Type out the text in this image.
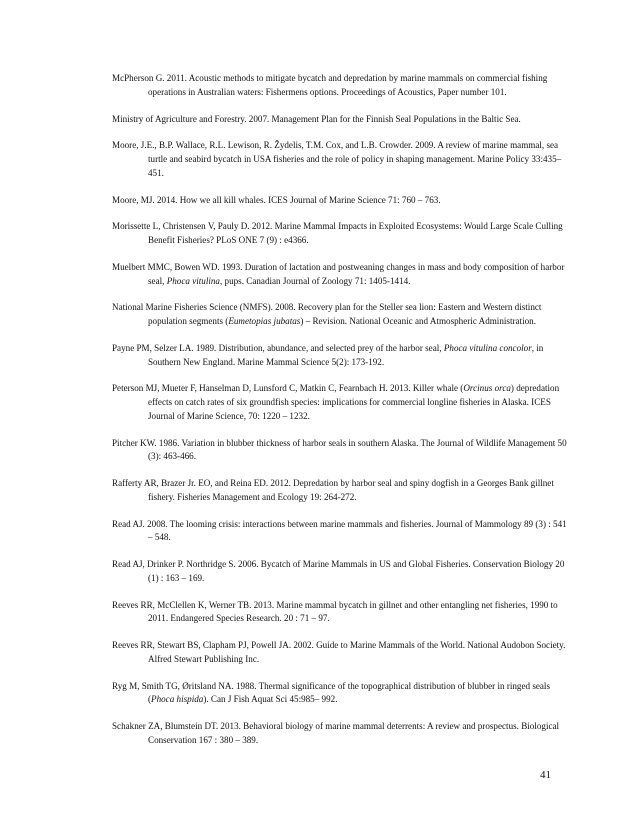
McPherson G. 2011. Acoustic methods to mitigate bycatch and depredation by marine mammals on commercial fishing operations in Australian waters: Fishermens options. Proceedings of Acoustics, Paper number 101.

Ministry of Agriculture and Forestry. 2007. Management Plan for the Finnish Seal Populations in the Baltic Sea.

Moore, J.E., B.P. Wallace, R.L. Lewison, R. Žydelis, T.M. Cox, and L.B. Crowder. 2009. A review of marine mammal, sea turtle and seabird bycatch in USA fisheries and the role of policy in shaping management. Marine Policy 33:435–451.

Moore, MJ. 2014. How we all kill whales. ICES Journal of Marine Science 71: 760 – 763.

Morissette L, Christensen V, Pauly D. 2012. Marine Mammal Impacts in Exploited Ecosystems: Would Large Scale Culling Benefit Fisheries? PLoS ONE 7 (9) : e4366.

Muelbert MMC, Bowen WD. 1993. Duration of lactation and postweaning changes in mass and body composition of harbor seal, Phoca vitulina, pups. Canadian Journal of Zoology 71: 1405-1414.

National Marine Fisheries Science (NMFS). 2008. Recovery plan for the Steller sea lion: Eastern and Western distinct population segments (Eumetopias jubatas) – Revision. National Oceanic and Atmospheric Administration.

Payne PM, Selzer LA. 1989. Distribution, abundance, and selected prey of the harbor seal, Phoca vitulina concolor, in Southern New England. Marine Mammal Science 5(2): 173-192.

Peterson MJ, Mueter F, Hanselman D, Lunsford C, Matkin C, Fearnbach H. 2013. Killer whale (Orcinus orca) depredation effects on catch rates of six groundfish species: implications for commercial longline fisheries in Alaska. ICES Journal of Marine Science, 70: 1220 – 1232.

Pitcher KW. 1986. Variation in blubber thickness of harbor seals in southern Alaska. The Journal of Wildlife Management 50 (3): 463-466.

Rafferty AR, Brazer Jr. EO, and Reina ED. 2012. Depredation by harbor seal and spiny dogfish in a Georges Bank gillnet fishery. Fisheries Management and Ecology 19: 264-272.

Read AJ. 2008. The looming crisis: interactions between marine mammals and fisheries. Journal of Mammology 89 (3) : 541 – 548.

Read AJ, Drinker P. Northridge S. 2006. Bycatch of Marine Mammals in US and Global Fisheries. Conservation Biology 20 (1) : 163 – 169.

Reeves RR, McClellen K, Werner TB. 2013. Marine mammal bycatch in gillnet and other entangling net fisheries, 1990 to 2011. Endangered Species Research. 20 : 71 – 97.

Reeves RR, Stewart BS, Clapham PJ, Powell JA. 2002. Guide to Marine Mammals of the World. National Audobon Society. Alfred Stewart Publishing Inc.

Ryg M, Smith TG, Øritsland NA. 1988. Thermal significance of the topographical distribution of blubber in ringed seals (Phoca hispida). Can J Fish Aquat Sci 45:985– 992.

Schakner ZA, Blumstein DT. 2013. Behavioral biology of marine mammal deterrents: A review and prospectus. Biological Conservation 167 : 380 – 389.

41
